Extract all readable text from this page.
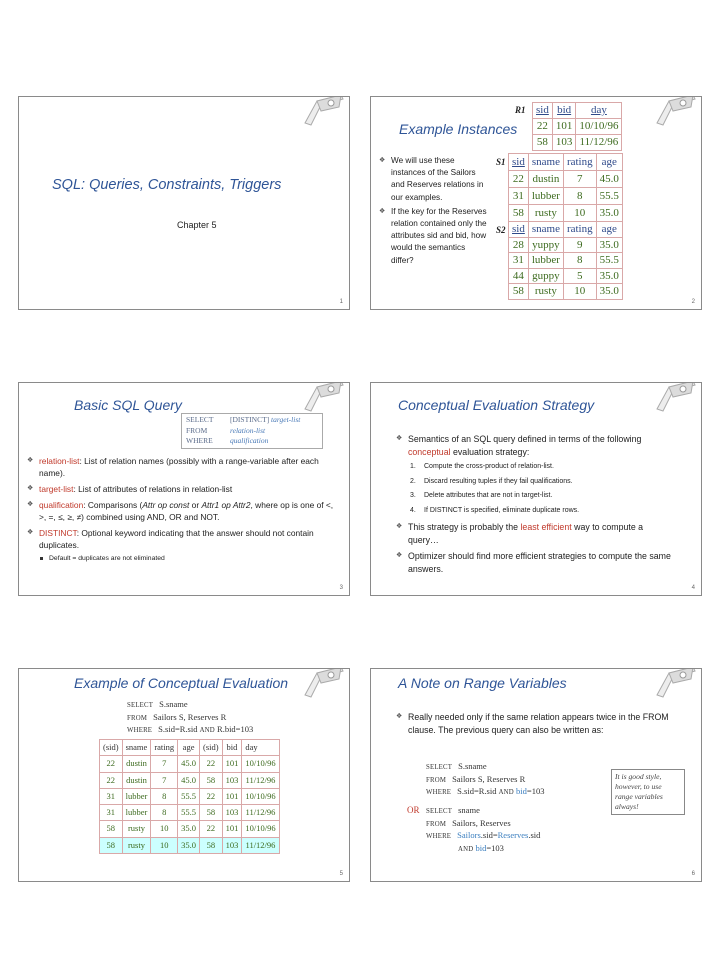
SQL: Queries, Constraints, Triggers
Chapter 5
1
Example Instances
R1 sid	bid	day
22	101	10/10/96
58	103	11/12/96
❖ We will use these instances of the Sailors and Reserves relations in our examples.
❖ If the key for the Reserves relation contained only the attributes sid and bid, how would the semantics differ?
S1 sid	sname	rating	age
22	dustin	7	45.0
31	lubber	8	55.5
58	rusty	10	35.0
S2 sid	sname	rating	age
28	yuppy	9	35.0
31	lubber	8	55.5
44	guppy	5	35.0
58	rusty	10	35.0
2
Basic SQL Query
SELECT [DISTINCT] target-list
FROM	relation-list
WHERE qualification
❖ relation-list: List of relation names (possibly with a range-variable after each name).
❖ target-list: List of attributes of relations in relation-list
❖ qualification: Comparisons (Attr op const or Attr1 op Attr2, where op is one of <, >, =, ≤, ≥, ≠) combined using AND, OR and NOT.
❖ DISTINCT: Optional keyword indicating that the answer should not contain duplicates.
Default = duplicates are not eliminated
3
Conceptual Evaluation Strategy
❖ Semantics of an SQL query defined in terms of the following conceptual evaluation strategy:
1. Compute the cross-product of relation-list.
2. Discard resulting tuples if they fail qualifications.
3. Delete attributes that are not in target-list.
4. If DISTINCT is specified, eliminate duplicate rows.
❖ This strategy is probably the least efficient way to compute a query…
❖ Optimizer should find more efficient strategies to compute the same answers.
4
Example of Conceptual Evaluation
SELECT S.sname
FROM Sailors S, Reserves R
WHERE S.sid=R.sid AND R.bid=103
(sid)	sname	rating	age	(sid)	bid	day
22	dustin	7	45.0	22	101	10/10/96
22	dustin	7	45.0	58	103	11/12/96
31	lubber	8	55.5	22	101	10/10/96
31	lubber	8	55.5	58	103	11/12/96
58	rusty	10	35.0	22	101	10/10/96
58	rusty	10	35.0	58	103	11/12/96
5
A Note on Range Variables
❖ Really needed only if the same relation appears twice in the FROM clause. The previous query can also be written as:
SELECT S.sname
FROM Sailors S, Reserves R
WHERE S.sid=R.sid AND bid=103
It is good style, however, to use range variables always!
OR SELECT sname
FROM Sailors, Reserves
WHERE Sailors.sid=Reserves.sid
AND bid=103
6
